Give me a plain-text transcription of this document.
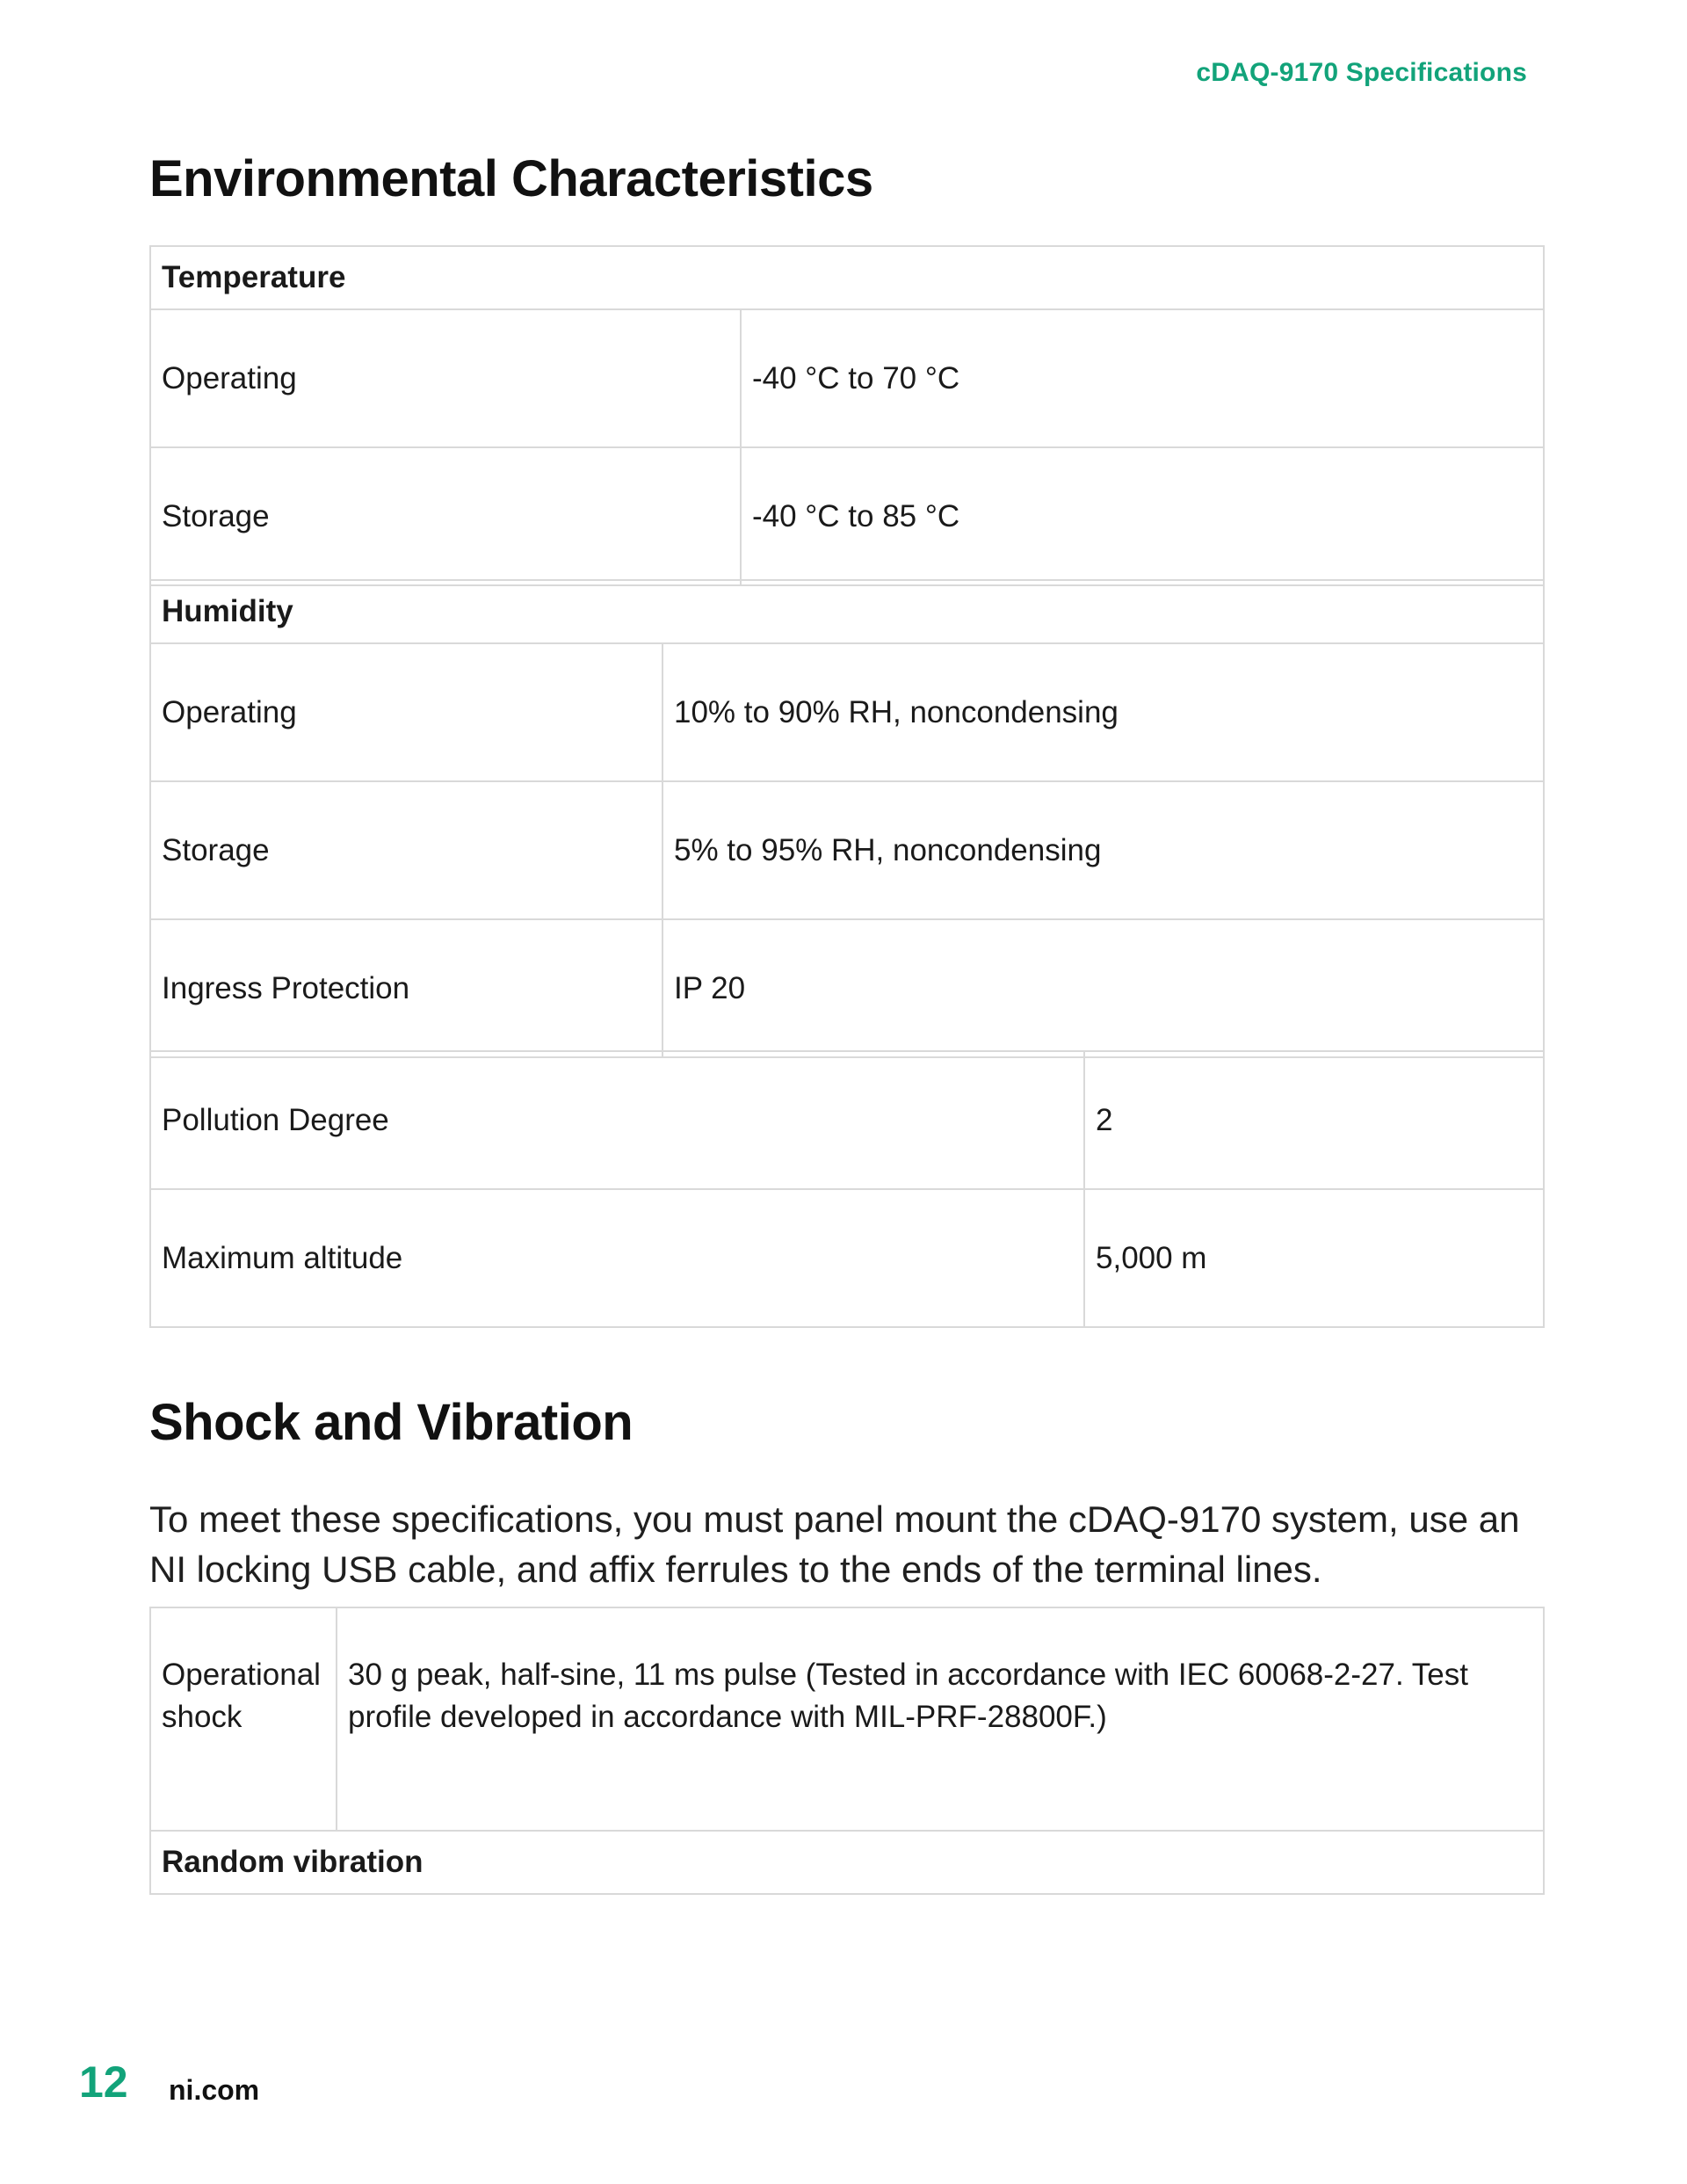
cDAQ-9170 Specifications
Environmental Characteristics
Temperature	
Operating	-40 °C to 70 °C
Storage	-40 °C to 85 °C
Humidity	
Operating	10% to 90% RH, noncondensing
Storage	5% to 95% RH, noncondensing
Ingress Protection	IP 20
Pollution Degree	2
Maximum altitude	5,000 m
Shock and Vibration

To meet these specifications, you must panel mount the cDAQ-9170 system, use an NI locking USB cable, and affix ferrules to the ends of the terminal lines.

Operational shock	30 g peak, half-sine, 11 ms pulse (Tested in accordance with IEC 60068-2-27. Test profile developed in accordance with MIL-PRF-28800F.)
Random vibration
12 ni.com
